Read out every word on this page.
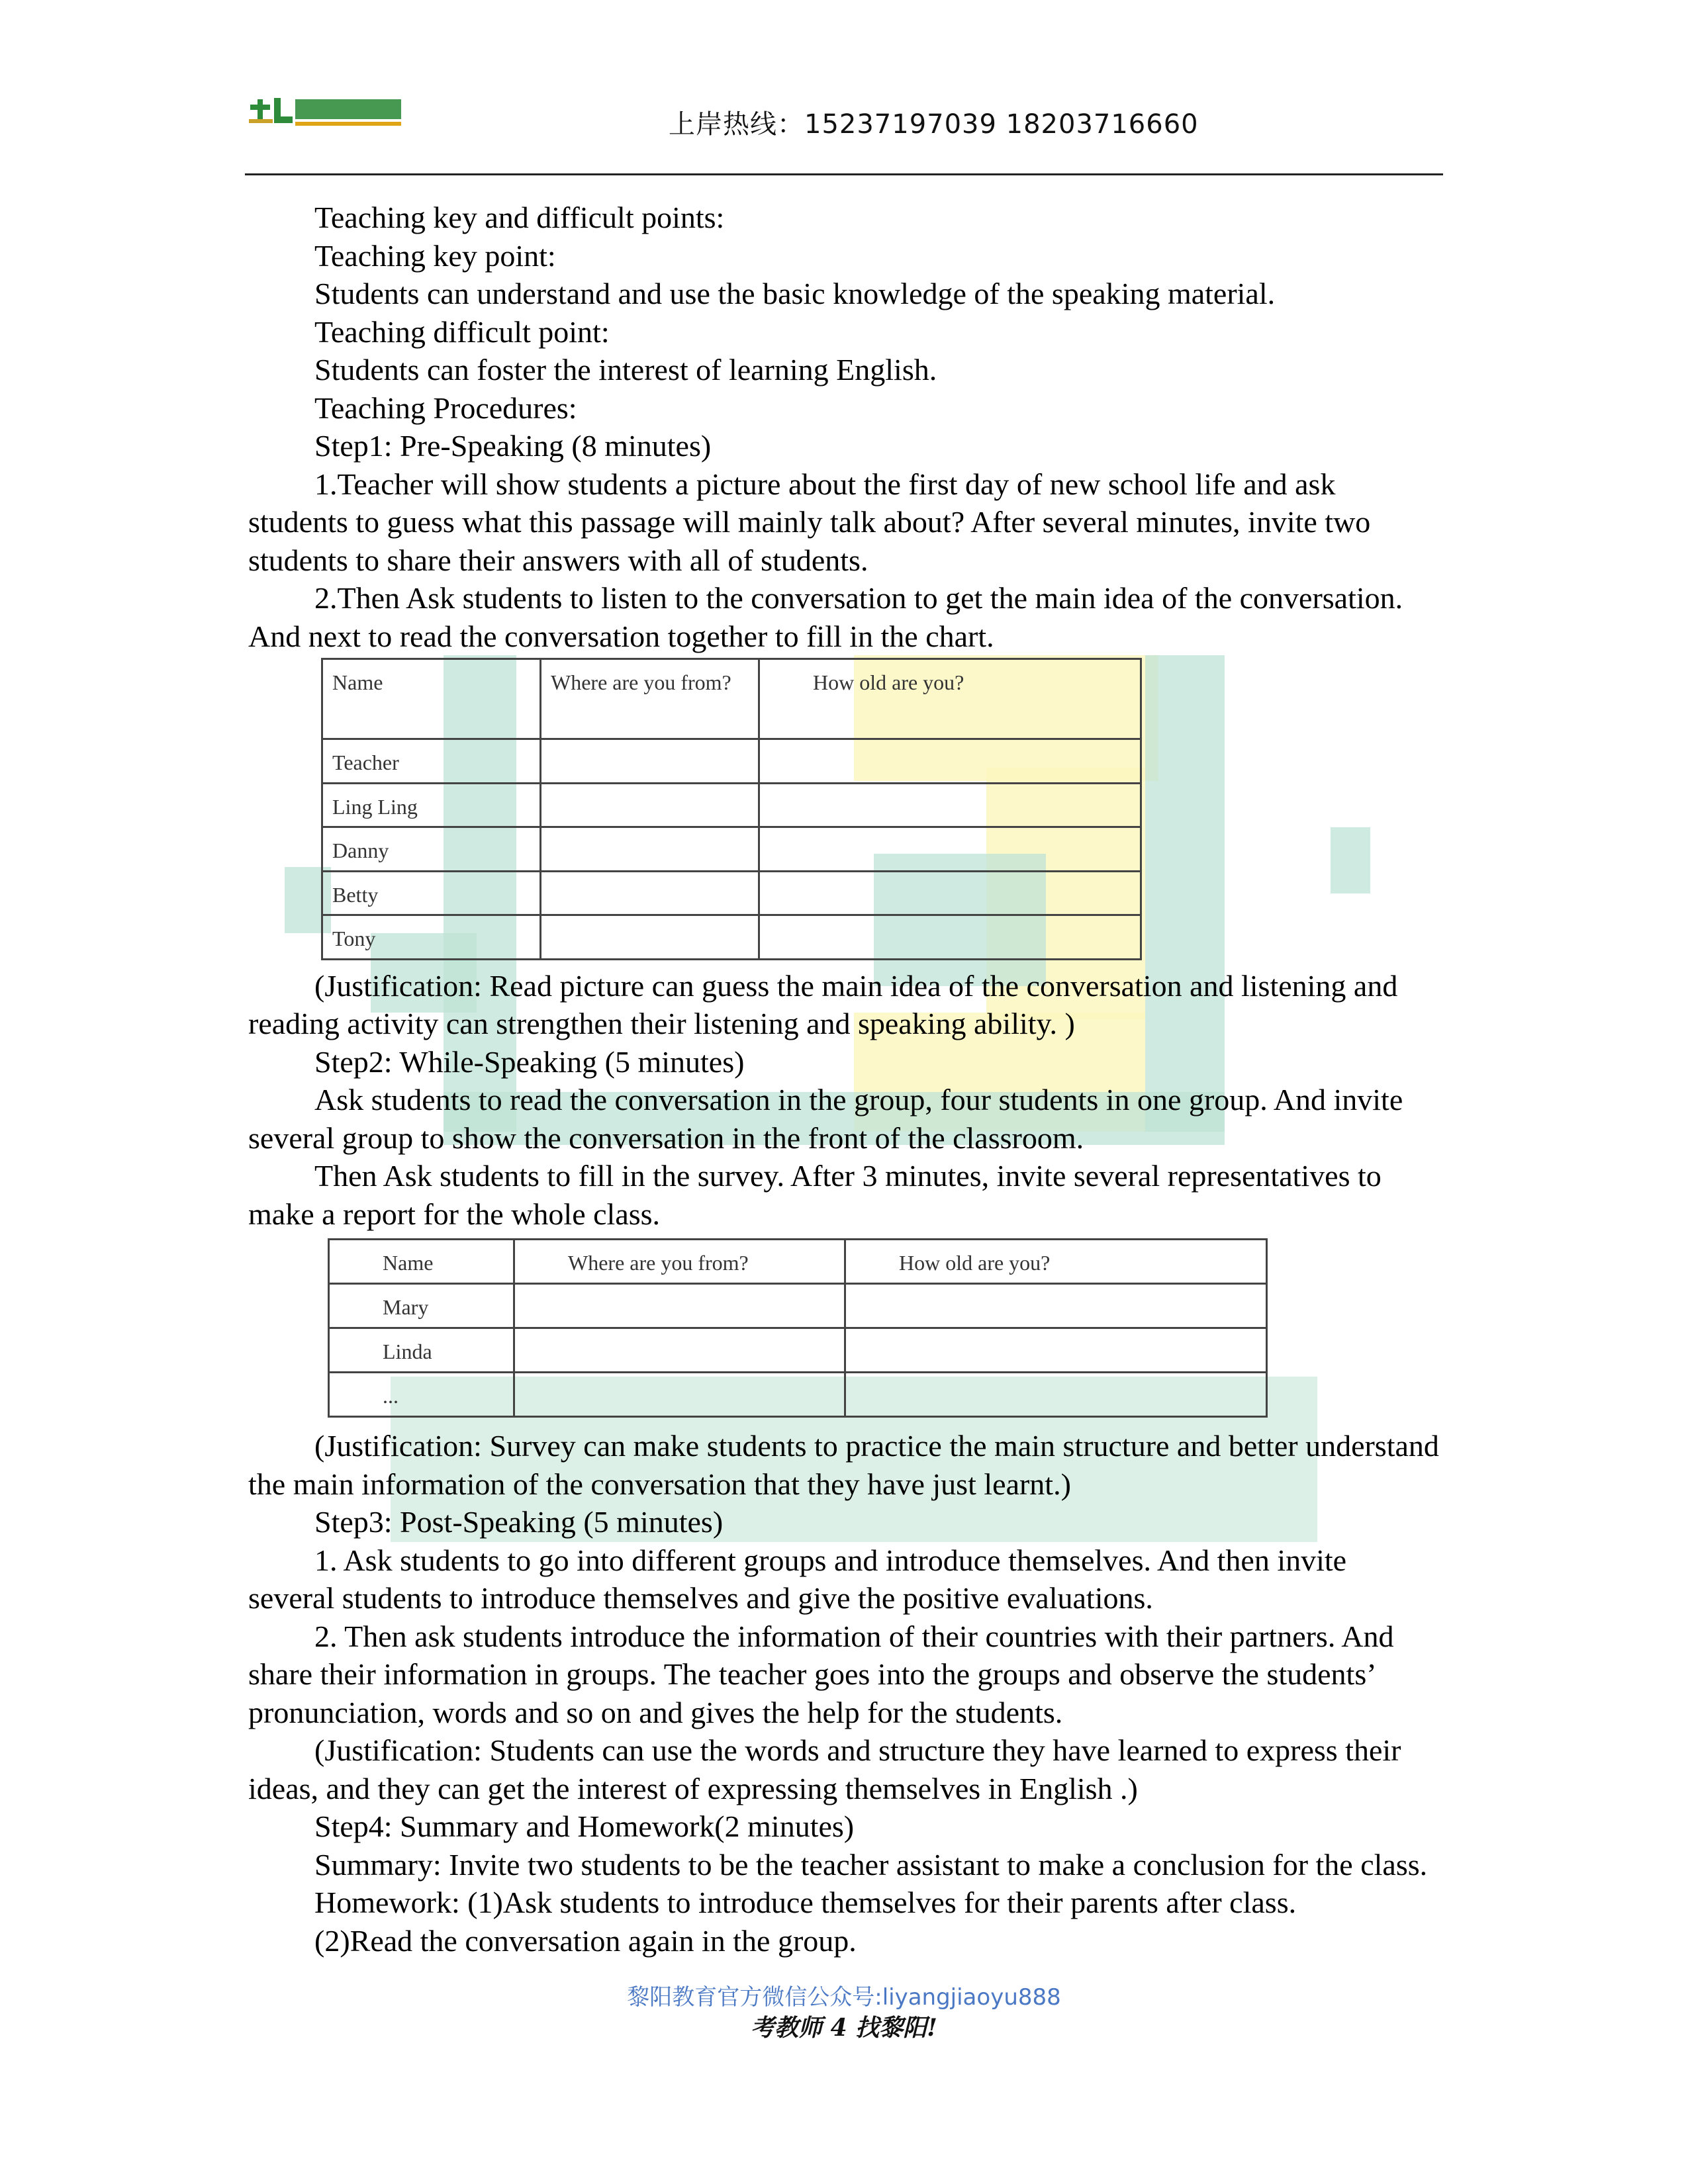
上岸热线：15237197039 18203716660

Teaching key and difficult points:

Teaching key point:

Students can understand and use the basic knowledge of the speaking material.

Teaching difficult point:

Students can foster the interest of learning English.

Teaching Procedures:

Step1: Pre-Speaking (8 minutes)

1.Teacher will show students a picture about the first day of new school life and ask students to guess what this passage will mainly talk about? After several minutes, invite two students to share their answers with all of students.

2.Then Ask students to listen to the conversation to get the main idea of the conversation. And next to read the conversation together to fill in the chart.

Name	Where are you from?	How old are you?
Teacher		
Ling Ling		
Danny		
Betty		
Tony		

(Justification: Read picture can guess the main idea of the conversation and listening and reading activity can strengthen their listening and speaking ability. )

Step2: While-Speaking (5 minutes)

Ask students to read the conversation in the group, four students in one group. And invite several group to show the conversation in the front of the classroom.

Then Ask students to fill in the survey. After 3 minutes, invite several representatives to make a report for the whole class.

Name	Where are you from?	How old are you?
Mary		
Linda		
...		

(Justification: Survey can make students to practice the main structure and better understand the main information of the conversation that they have just learnt.)

Step3: Post-Speaking (5 minutes)

1. Ask students to go into different groups and introduce themselves. And then invite several students to introduce themselves and give the positive evaluations.

2. Then ask students introduce the information of their countries with their partners. And share their information in groups. The teacher goes into the groups and observe the students’ pronunciation, words and so on and gives the help for the students.

(Justification: Students can use the words and structure they have learned to express their ideas, and they can get the interest of expressing themselves in English .)

Step4: Summary and Homework(2 minutes)

Summary: Invite two students to be the teacher assistant to make a conclusion for the class.

Homework: (1)Ask students to introduce themselves for their parents after class.

(2)Read the conversation again in the group.

黎阳教育官方微信公众号:liyangjiaoyu888
考教师 4 找黎阳!
